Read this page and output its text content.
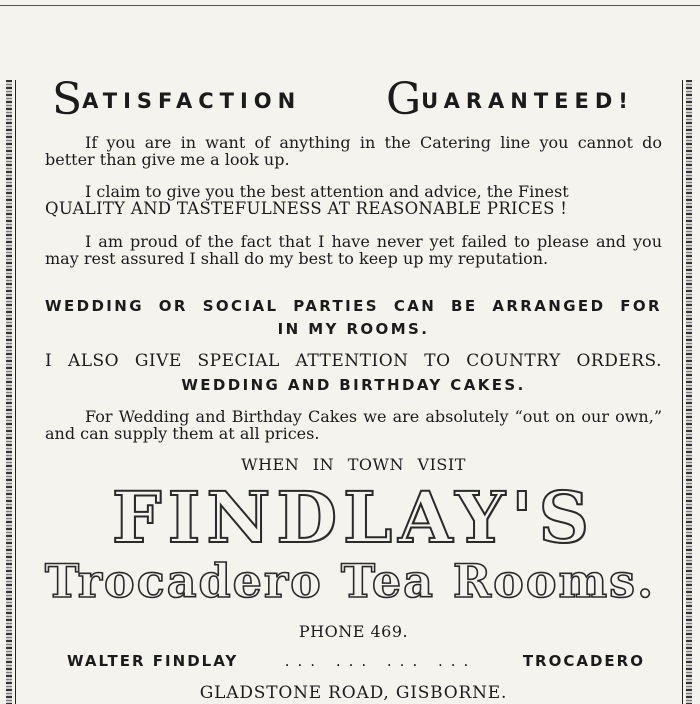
SATISFACTION GUARANTEED!
If you are in want of anything in the Catering line you cannot do better than give me a look up.
I claim to give you the best attention and advice, the Finest
QUALITY AND TASTEFULNESS AT REASONABLE PRICES !
I am proud of the fact that I have never yet failed to please and you may rest assured I shall do my best to keep up my reputation.
WEDDING OR SOCIAL PARTIES CAN BE ARRANGED FOR
IN MY ROOMS.
I ALSO GIVE SPECIAL ATTENTION TO COUNTRY ORDERS.
WEDDING AND BIRTHDAY CAKES.
For Wedding and Birthday Cakes we are absolutely “out on our own,” and can supply them at all prices.
WHEN IN TOWN VISIT
FINDLAY'S
Trocadero Tea Rooms.
PHONE 469.
WALTER FINDLAY	... ... ... ...	TROCADERO
GLADSTONE ROAD, GISBORNE.
